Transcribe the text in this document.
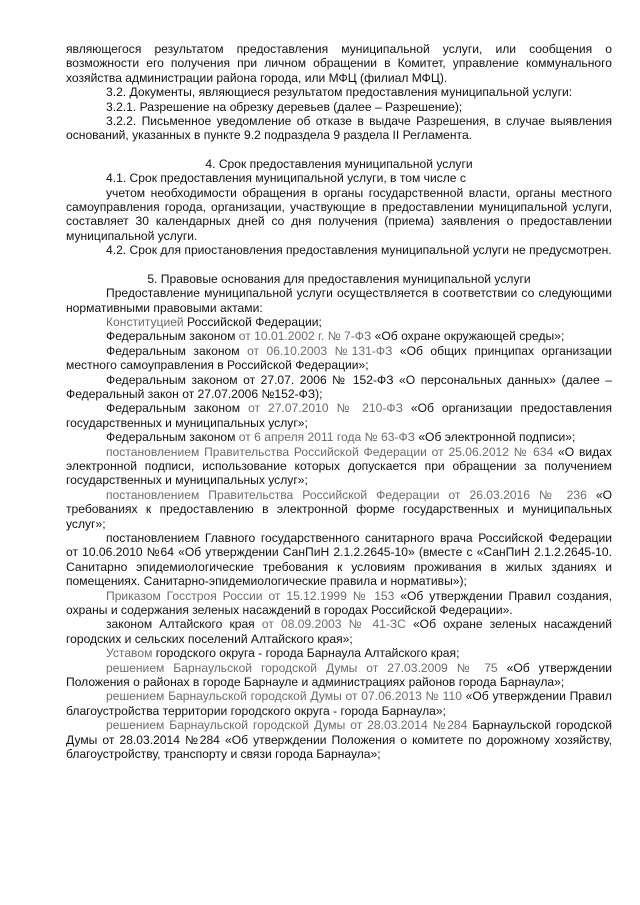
являющегося результатом предоставления муниципальной услуги, или сообщения о возможности его получения при личном обращении в Комитет, управление коммунального хозяйства администрации района города, или МФЦ (филиал МФЦ).

3.2. Документы, являющиеся результатом предоставления муниципальной услуги:

3.2.1. Разрешение на обрезку деревьев (далее – Разрешение);

3.2.2. Письменное уведомление об отказе в выдаче Разрешения, в случае выявления оснований, указанных в пункте 9.2 подраздела 9 раздела II Регламента.

4. Срок предоставления муниципальной услуги

4.1. Срок предоставления муниципальной услуги, в том числе с

учетом необходимости обращения в органы государственной власти, органы местного самоуправления города, организации, участвующие в предоставлении муниципальной услуги, составляет 30 календарных дней со дня получения (приема) заявления о предоставлении муниципальной услуги.

4.2. Срок для приостановления предоставления муниципальной услуги не предусмотрен.

5. Правовые основания для предоставления муниципальной услуги

Предоставление муниципальной услуги осуществляется в соответствии со следующими нормативными правовыми актами:

Конституцией Российской Федерации;

Федеральным законом от 10.01.2002 г. № 7-ФЗ «Об охране окружающей среды»;

Федеральным законом от 06.10.2003 №131-ФЗ «Об общих принципах организации местного самоуправления в Российской Федерации»;

Федеральным законом от 27.07. 2006 № 152-ФЗ «О персональных данных» (далее – Федеральный закон от 27.07.2006 №152-ФЗ);

Федеральным законом от 27.07.2010 № 210-ФЗ «Об организации предоставления государственных и муниципальных услуг»;

Федеральным законом от 6 апреля 2011 года № 63-ФЗ «Об электронной подписи»;

постановлением Правительства Российской Федерации от 25.06.2012 № 634 «О видах электронной подписи, использование которых допускается при обращении за получением государственных и муниципальных услуг»;

постановлением Правительства Российской Федерации от 26.03.2016 № 236 «О требованиях к предоставлению в электронной форме государственных и муниципальных услуг»;

постановлением Главного государственного санитарного врача Российской Федерации от 10.06.2010 №64 «Об утверждении СанПиН 2.1.2.2645-10» (вместе с «СанПиН 2.1.2.2645-10. Санитарно эпидемиологические требования к условиям проживания в жилых зданиях и помещениях. Санитарно-эпидемиологические правила и нормативы»);

Приказом Госстроя России от 15.12.1999 № 153 «Об утверждении Правил создания, охраны и содержания зеленых насаждений в городах Российской Федерации».

законом Алтайского края от 08.09.2003 № 41-ЗС «Об охране зеленых насаждений городских и сельских поселений Алтайского края»;

Уставом городского округа - города Барнаула Алтайского края;

решением Барнаульской городской Думы от 27.03.2009 № 75 «Об утверждении Положения о районах в городе Барнауле и администрациях районов города Барнаула»;

решением Барнаульской городской Думы от 07.06.2013 № 110 «Об утверждении Правил благоустройства территории городского округа - города Барнаула»;

решением Барнаульской городской Думы от 28.03.2014 №284 Барнаульской городской Думы от 28.03.2014 №284 «Об утверждении Положения о комитете по дорожному хозяйству, благоустройству, транспорту и связи города Барнаула»;
